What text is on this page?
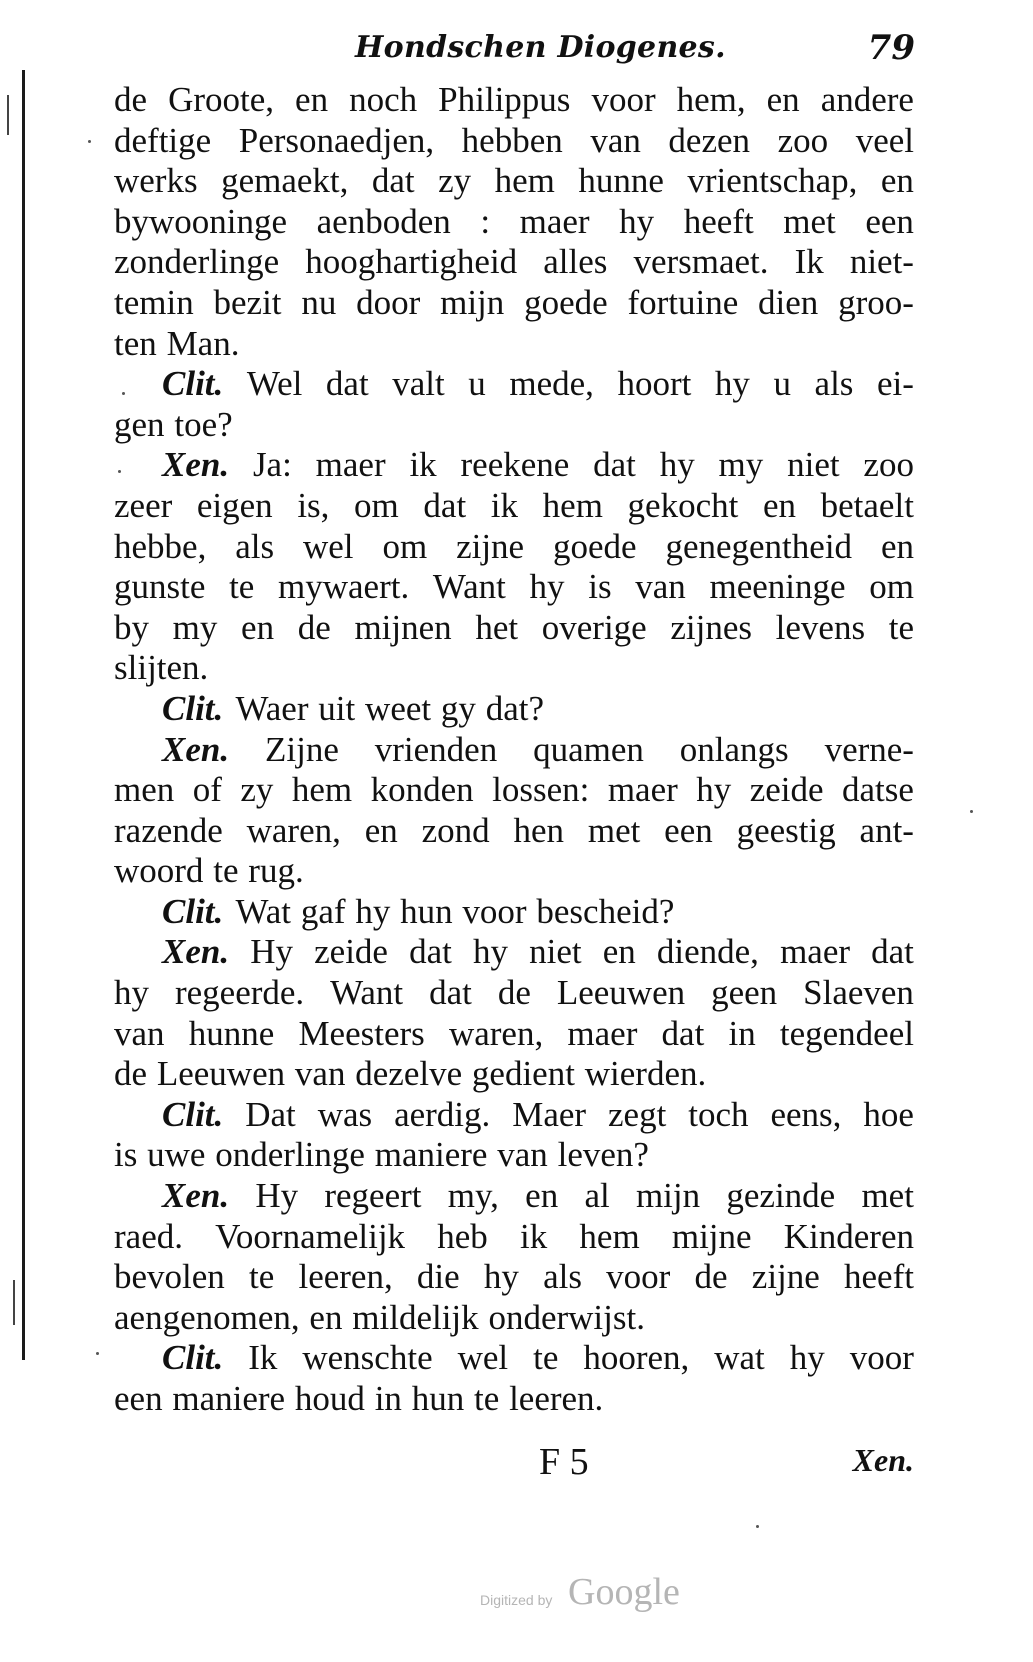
Hondschen Diogenes.	79
de Groote, en noch Philippus voor hem, en andere
deftige Personaedjen, hebben van dezen zoo veel
werks gemaekt, dat zy hem hunne vrientschap, en
bywooninge aenboden : maer hy heeft met een
zonderlinge hooghartigheid alles versmaet. Ik niet-
temin bezit nu door mijn goede fortuine dien groo-
ten Man.
Clit. Wel dat valt u mede, hoort hy u als ei-
gen toe?
Xen. Ja: maer ik reekene dat hy my niet zoo
zeer eigen is, om dat ik hem gekocht en betaelt
hebbe, als wel om zijne goede genegentheid en
gunste te mywaert. Want hy is van meeninge om
by my en de mijnen het overige zijnes levens te
slijten.
Clit. Waer uit weet gy dat?
Xen. Zijne vrienden quamen onlangs verne-
men of zy hem konden lossen: maer hy zeide datse
razende waren, en zond hen met een geestig ant-
woord te rug.
Clit. Wat gaf hy hun voor bescheid?
Xen. Hy zeide dat hy niet en diende, maer dat
hy regeerde. Want dat de Leeuwen geen Slaeven
van hunne Meesters waren, maer dat in tegendeel
de Leeuwen van dezelve gedient wierden.
Clit. Dat was aerdig. Maer zegt toch eens, hoe
is uwe onderlinge maniere van leven?
Xen. Hy regeert my, en al mijn gezinde met
raed. Voornamelijk heb ik hem mijne Kinderen
bevolen te leeren, die hy als voor de zijne heeft
aengenomen, en mildelijk onderwijst.
Clit. Ik wenschte wel te hooren, wat hy voor
een maniere houd in hun te leeren.
F 5	Xen.
Digitized by Google
